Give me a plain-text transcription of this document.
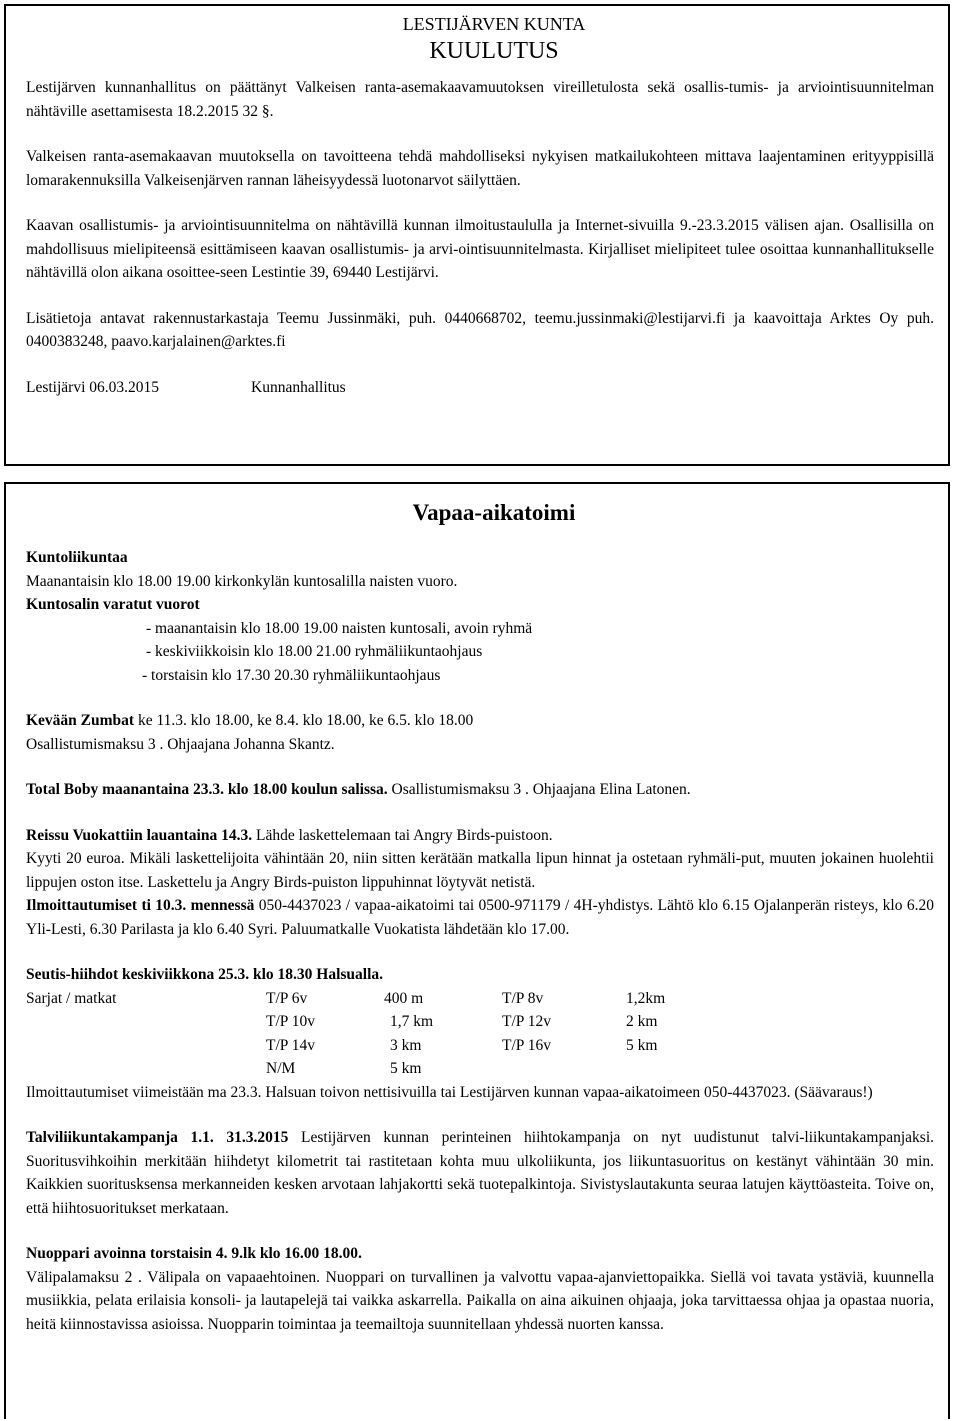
LESTIJÄRVEN KUNTA
KUULUTUS

Lestijärven kunnanhallitus on päättänyt Valkeisen ranta-asemakaavamuutoksen vireilletulosta sekä osallis-tumis- ja arviointisuunnitelman nähtäville asettamisesta 18.2.2015 32 §.

Valkeisen ranta-asemakaavan muutoksella on tavoitteena tehdä mahdolliseksi nykyisen matkailukohteen mittava laajentaminen erityyppisillä lomarakennuksilla Valkeisenjärven rannan läheisyydessä luotonarvot säilyttäen.

Kaavan osallistumis- ja arviointisuunnitelma on nähtävillä kunnan ilmoitustaululla ja Internet-sivuilla 9.-23.3.2015 välisen ajan. Osallisilla on mahdollisuus mielipiteensä esittämiseen kaavan osallistumis- ja arvi-ointisuunnitelmasta. Kirjalliset mielipiteet tulee osoittaa kunnanhallitukselle nähtävillä olon aikana osoittee-seen Lestintie 39, 69440 Lestijärvi.

Lisätietoja antavat rakennustarkastaja Teemu Jussinmäki, puh. 0440668702, teemu.jussinmaki@lestijarvi.fi ja kaavoittaja Arktes Oy puh. 0400383248, paavo.karjalainen@arktes.fi

Lestijärvi 06.03.2015	Kunnanhallitus

Vapaa-aikatoimi

Kuntoliikuntaa

Maanantaisin klo 18.00 19.00 kirkonkylän kuntosalilla naisten vuoro.

Kuntosalin varatut vuorot

- maanantaisin klo 18.00 19.00 naisten kuntosali, avoin ryhmä

- keskiviikkoisin klo 18.00 21.00 ryhmäliikuntaohjaus

- torstaisin klo 17.30 20.30 ryhmäliikuntaohjaus

Kevään Zumbat ke 11.3. klo 18.00, ke 8.4. klo 18.00, ke 6.5. klo 18.00

Osallistumismaksu 3 . Ohjaajana Johanna Skantz.

Total Boby maanantaina 23.3. klo 18.00 koulun salissa. Osallistumismaksu 3 . Ohjaajana Elina Latonen.

Reissu Vuokattiin lauantaina 14.3. Lähde laskettelemaan tai Angry Birds-puistoon.

Kyyti 20 euroa. Mikäli laskettelijoita vähintään 20, niin sitten kerätään matkalla lipun hinnat ja ostetaan ryhmäli-put, muuten jokainen huolehtii lippujen oston itse. Laskettelu ja Angry Birds-puiston lippuhinnat löytyvät netistä.

Ilmoittautumiset ti 10.3. mennessä 050-4437023 / vapaa-aikatoimi tai 0500-971179 / 4H-yhdistys. Lähtö klo 6.15 Ojalanperän risteys, klo 6.20 Yli-Lesti, 6.30 Parilasta ja klo 6.40 Syri. Paluumatkalle Vuokatista lähdetään klo 17.00.

Seutis-hiihdot keskiviikkona 25.3. klo 18.30 Halsualla.

Sarjat / matkat	T/P 6v	400 m	T/P 8v	1,2km
	T/P 10v	1,7 km	T/P 12v	2 km
	T/P 14v	3 km	T/P 16v	5 km
	N/M	5 km		

Ilmoittautumiset viimeistään ma 23.3. Halsuan toivon nettisivuilla tai Lestijärven kunnan vapaa-aikatoimeen 050-4437023. (Säävaraus!)

Talviliikuntakampanja 1.1. 31.3.2015 Lestijärven kunnan perinteinen hiihtokampanja on nyt uudistunut talvi-liikuntakampanjaksi. Suoritusvihkoihin merkitään hiihdetyt kilometrit tai rastitetaan kohta muu ulkoliikunta, jos liikuntasuoritus on kestänyt vähintään 30 min. Kaikkien suoritusksensa merkanneiden kesken arvotaan lahjakortti sekä tuotepalkintoja. Sivistyslautakunta seuraa latujen käyttöasteita. Toive on, että hiihtosuoritukset merkataan.

Nuoppari avoinna torstaisin 4. 9.lk klo 16.00 18.00.

Välipalamaksu 2 . Välipala on vapaaehtoinen. Nuoppari on turvallinen ja valvottu vapaa-ajanviettopaikka. Siellä voi tavata ystäviä, kuunnella musiikkia, pelata erilaisia konsoli- ja lautapelejä tai vaikka askarrella. Paikalla on aina aikuinen ohjaaja, joka tarvittaessa ohjaa ja opastaa nuoria, heitä kiinnostavissa asioissa. Nuopparin toimintaa ja teemailtoja suunnitellaan yhdessä nuorten kanssa.
